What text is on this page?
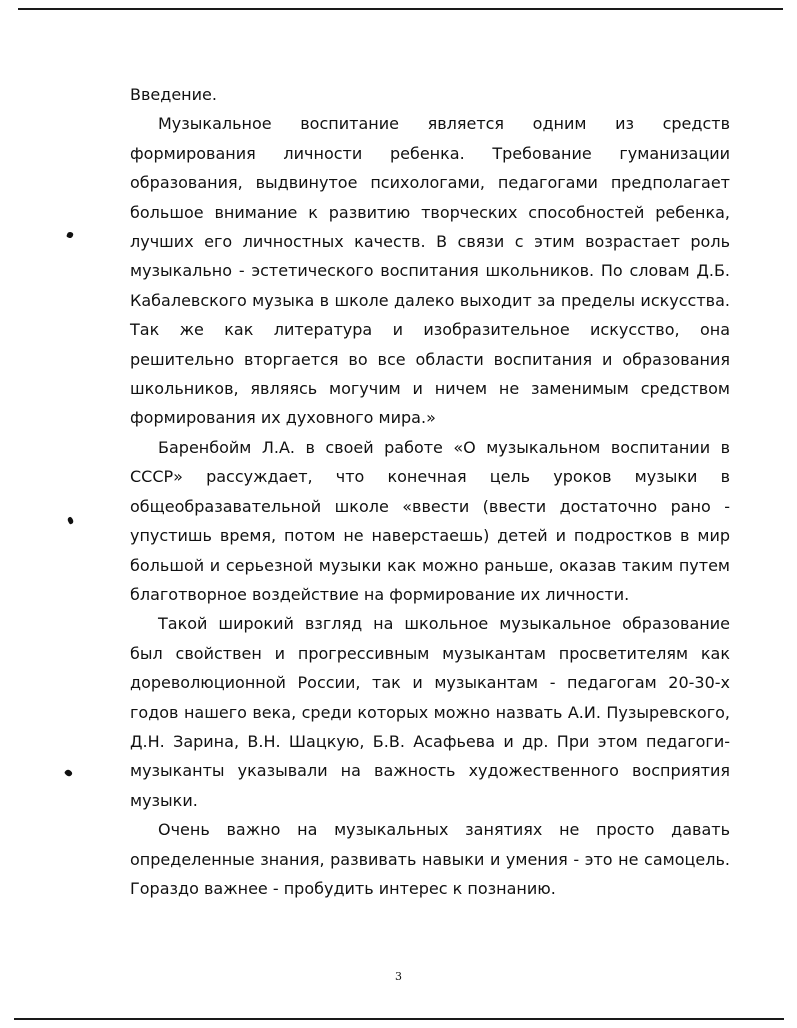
Введение.

Музыкальное воспитание является одним из средств формирования личности ребенка. Требование гуманизации образования, выдвинутое психологами, педагогами предполагает большое внимание к развитию творческих способностей ребенка, лучших его личностных качеств. В связи с этим возрастает роль музыкально - эстетического воспитания школьников. По словам Д.Б. Кабалевского музыка в школе далеко выходит за пределы искусства. Так же как литература и изобразительное искусство, она решительно вторгается во все области воспитания и образования школьников, являясь могучим и ничем не заменимым средством формирования их духовного мира.»

Баренбойм Л.А. в своей работе «О музыкальном воспитании в СССР» рассуждает, что конечная цель уроков музыки в общеобразавательной школе «ввести (ввести достаточно рано - упустишь время, потом не наверстаешь) детей и подростков в мир большой и серьезной музыки как можно раньше, оказав таким путем благотворное воздействие на формирование их личности.

Такой широкий взгляд на школьное музыкальное образование был свойствен и прогрессивным музыкантам просветителям как дореволюционной России, так и музыкантам - педагогам 20-30-х годов нашего века, среди которых можно назвать А.И. Пузыревского, Д.Н. Зарина, В.Н. Шацкую, Б.В. Асафьева и др. При этом педагоги-музыканты указывали на важность художественного восприятия музыки.

Очень важно на музыкальных занятиях не просто давать определенные знания, развивать навыки и умения - это не самоцель. Гораздо важнее - пробудить интерес к познанию.

3
